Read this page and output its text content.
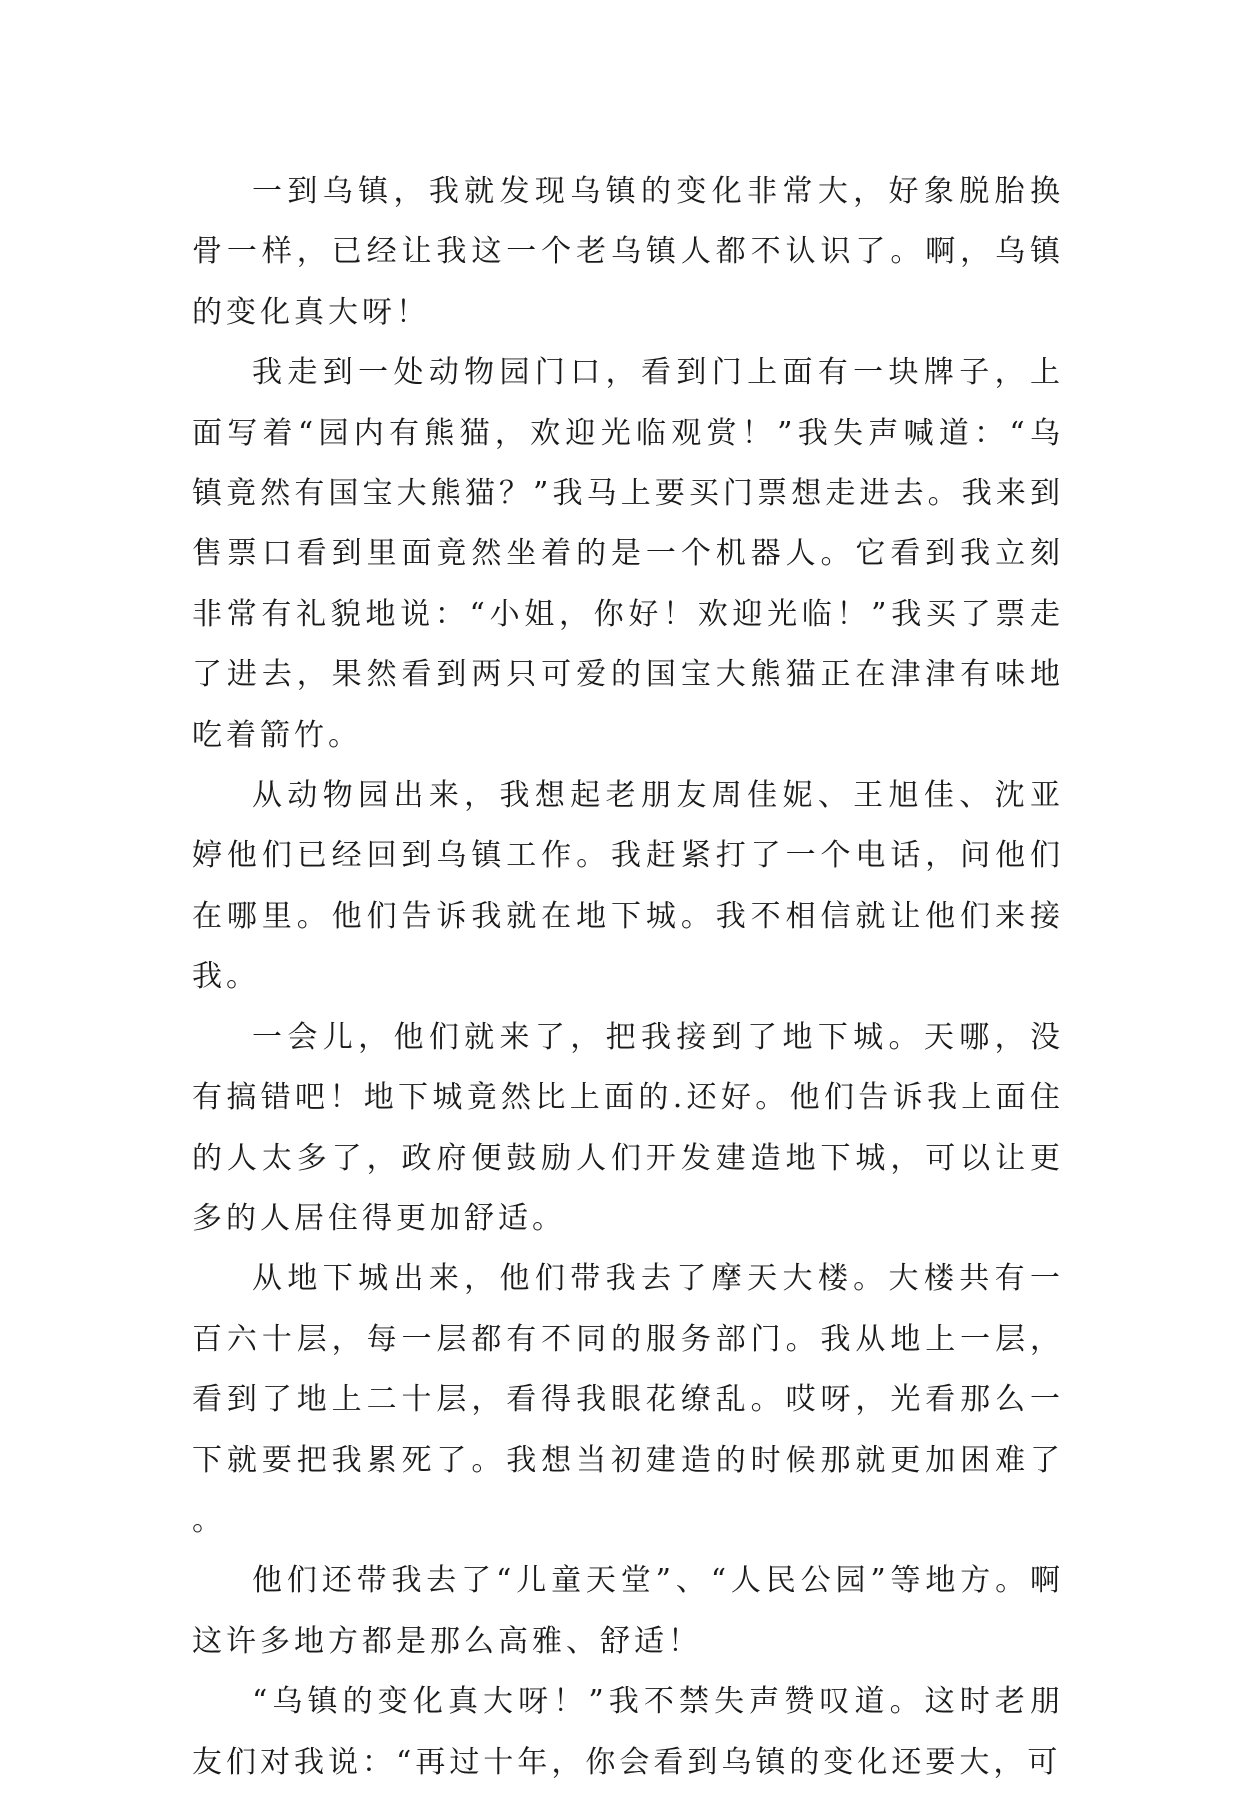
一到乌镇，我就发现乌镇的变化非常大，好象脱胎换骨一样，已经让我这一个老乌镇人都不认识了。啊，乌镇的变化真大呀！

我走到一处动物园门口，看到门上面有一块牌子，上面写着“园内有熊猫，欢迎光临观赏！”我失声喊道：“乌镇竟然有国宝大熊猫？”我马上要买门票想走进去。我来到售票口看到里面竟然坐着的是一个机器人。它看到我立刻非常有礼貌地说：“小姐，你好！欢迎光临！”我买了票走了进去，果然看到两只可爱的国宝大熊猫正在津津有味地吃着箭竹。

从动物园出来，我想起老朋友周佳妮、王旭佳、沈亚婷他们已经回到乌镇工作。我赶紧打了一个电话，问他们在哪里。他们告诉我就在地下城。我不相信就让他们来接我。

一会儿，他们就来了，把我接到了地下城。天哪，没有搞错吧！地下城竟然比上面的.还好。他们告诉我上面住的人太多了，政府便鼓励人们开发建造地下城，可以让更多的人居住得更加舒适。

从地下城出来，他们带我去了摩天大楼。大楼共有一百六十层，每一层都有不同的服务部门。我从地上一层，看到了地上二十层，看得我眼花缭乱。哎呀，光看那么一下就要把我累死了。我想当初建造的时候那就更加困难了。

他们还带我去了“儿童天堂”、“人民公园”等地方。啊这许多地方都是那么高雅、舒适！

“乌镇的变化真大呀！”我不禁失声赞叹道。这时老朋友们对我说：“再过十年，你会看到乌镇的变化还要大，可
